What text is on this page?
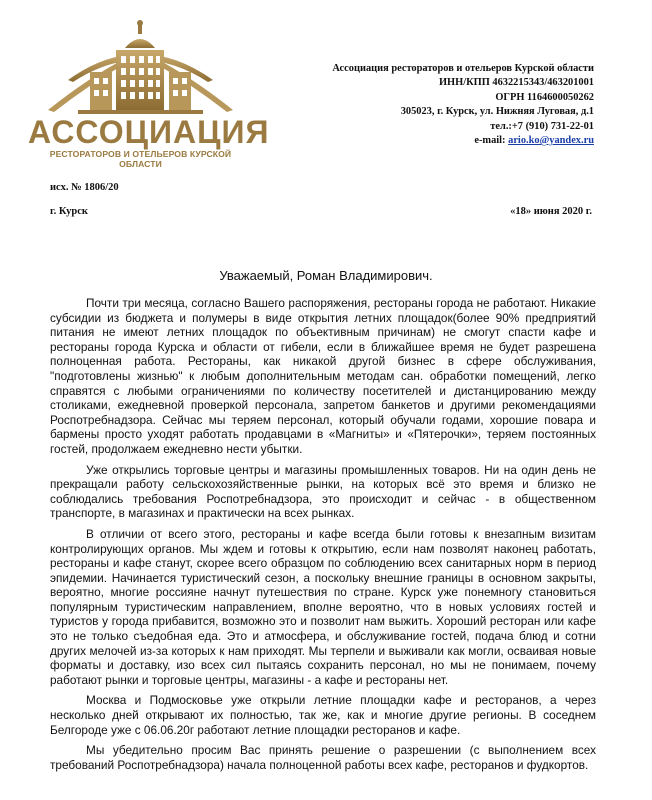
АССОЦИАЦИЯ
РЕСТОРАТОРОВ И ОТЕЛЬЕРОВ КУРСКОЙ ОБЛАСТИ
Ассоциация рестораторов и отельеров Курской области
ИНН/КПП 4632215343/463201001
ОГРН 1164600050262
305023, г. Курск, ул. Нижняя Луговая, д.1
тел.:+7 (910) 731-22-01
e-mail: ario.ko@yandex.ru
исх. № 1806/20
г. Курск	«18» июня 2020 г.
Уважаемый, Роман Владимирович.

Почти три месяца, согласно Вашего распоряжения, рестораны города не работают. Никакие субсидии из бюджета и полумеры в виде открытия летних площадок(более 90% предприятий питания не имеют летних площадок по объективным причинам) не смогут спасти кафе и рестораны города Курска и области от гибели, если в ближайшее время не будет разрешена полноценная работа. Рестораны, как никакой другой бизнес в сфере обслуживания, "подготовлены жизнью" к любым дополнительным методам сан. обработки помещений, легко справятся с любыми ограничениями по количеству посетителей и дистанцированию между столиками, ежедневной проверкой персонала, запретом банкетов и другими рекомендациями Роспотребнадзора. Сейчас мы теряем персонал, который обучали годами, хорошие повара и бармены просто уходят работать продавцами в «Магниты» и «Пятерочки», теряем постоянных гостей, продолжаем ежедневно нести убытки.

Уже открылись торговые центры и магазины промышленных товаров. Ни на один день не прекращали работу сельскохозяйственные рынки, на которых всё это время и близко не соблюдались требования Роспотребнадзора, это происходит и сейчас - в общественном транспорте, в магазинах и практически на всех рынках.

В отличии от всего этого, рестораны и кафе всегда были готовы к внезапным визитам контролирующих органов. Мы ждем и готовы к открытию, если нам позволят наконец работать, рестораны и кафе станут, скорее всего образцом по соблюдению всех санитарных норм в период эпидемии. Начинается туристический сезон, а поскольку внешние границы в основном закрыты, вероятно, многие россияне начнут путешествия по стране. Курск уже понемногу становиться популярным туристическим направлением, вполне вероятно, что в новых условиях гостей и туристов у города прибавится, возможно это и позволит нам выжить. Хороший ресторан или кафе это не только съедобная еда. Это и атмосфера, и обслуживание гостей, подача блюд и сотни других мелочей из-за которых к нам приходят. Мы терпели и выживали как могли, осваивая новые форматы и доставку, изо всех сил пытаясь сохранить персонал, но мы не понимаем, почему работают рынки и торговые центры, магазины - а кафе и рестораны нет.

Москва и Подмосковье уже открыли летние площадки кафе и ресторанов, а через несколько дней открывают их полностью, так же, как и многие другие регионы. В соседнем Белгороде уже с 06.06.20г работают летние площадки ресторанов и кафе.

Мы убедительно просим Вас принять решение о разрешении (с выполнением всех требований Роспотребнадзора) начала полноценной работы всех кафе, ресторанов и фудкортов.
